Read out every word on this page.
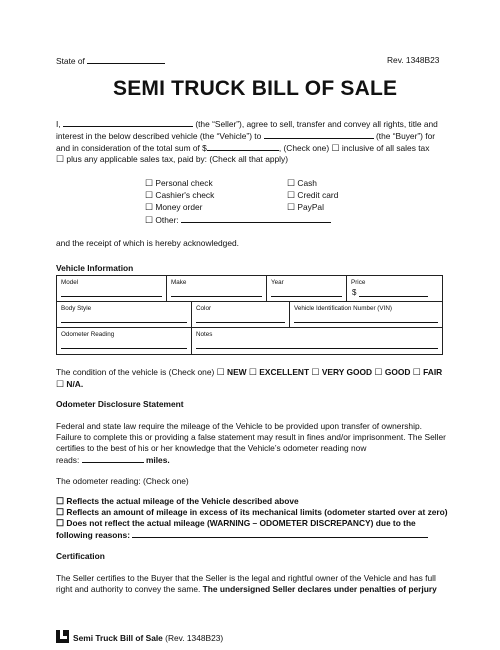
State of	Rev. 1348B23
SEMI TRUCK BILL OF SALE
I,	(the “Seller”), agree to sell, transfer and convey all rights, title and
interest in the below described vehicle (the “Vehicle”) to	(the “Buyer”) for
and in consideration of the total sum of $	, (Check one) ☐ inclusive of all sales tax
☐ plus any applicable sales tax, paid by: (Check all that apply)
☐ Personal check
☐ Cashier's check
☐ Money order
☐ Other:
☐ Cash
☐ Credit card
☐ PayPal
and the receipt of which is hereby acknowledged.
Vehicle Information
Model	Make	Year	Price
$
Body Style	Color	Vehicle Identification Number (VIN)
Odometer Reading	Notes
The condition of the vehicle is (Check one) ☐ NEW ☐ EXCELLENT ☐ VERY GOOD ☐ GOOD ☐ FAIR
☐ N/A.
Odometer Disclosure Statement
Federal and state law require the mileage of the Vehicle to be provided upon transfer of ownership.
Failure to complete this or providing a false statement may result in fines and/or imprisonment. The Seller
certifies to the best of his or her knowledge that the Vehicle’s odometer reading now
reads:	miles.
The odometer reading: (Check one)
☐ Reflects the actual mileage of the Vehicle described above
☐ Reflects an amount of mileage in excess of its mechanical limits (odometer started over at zero)
☐ Does not reflect the actual mileage (WARNING – ODOMETER DISCREPANCY) due to the
following reasons:
Certification
The Seller certifies to the Buyer that the Seller is the legal and rightful owner of the Vehicle and has full
right and authority to convey the same. The undersigned Seller declares under penalties of perjury
Semi Truck Bill of Sale (Rev. 1348B23)
